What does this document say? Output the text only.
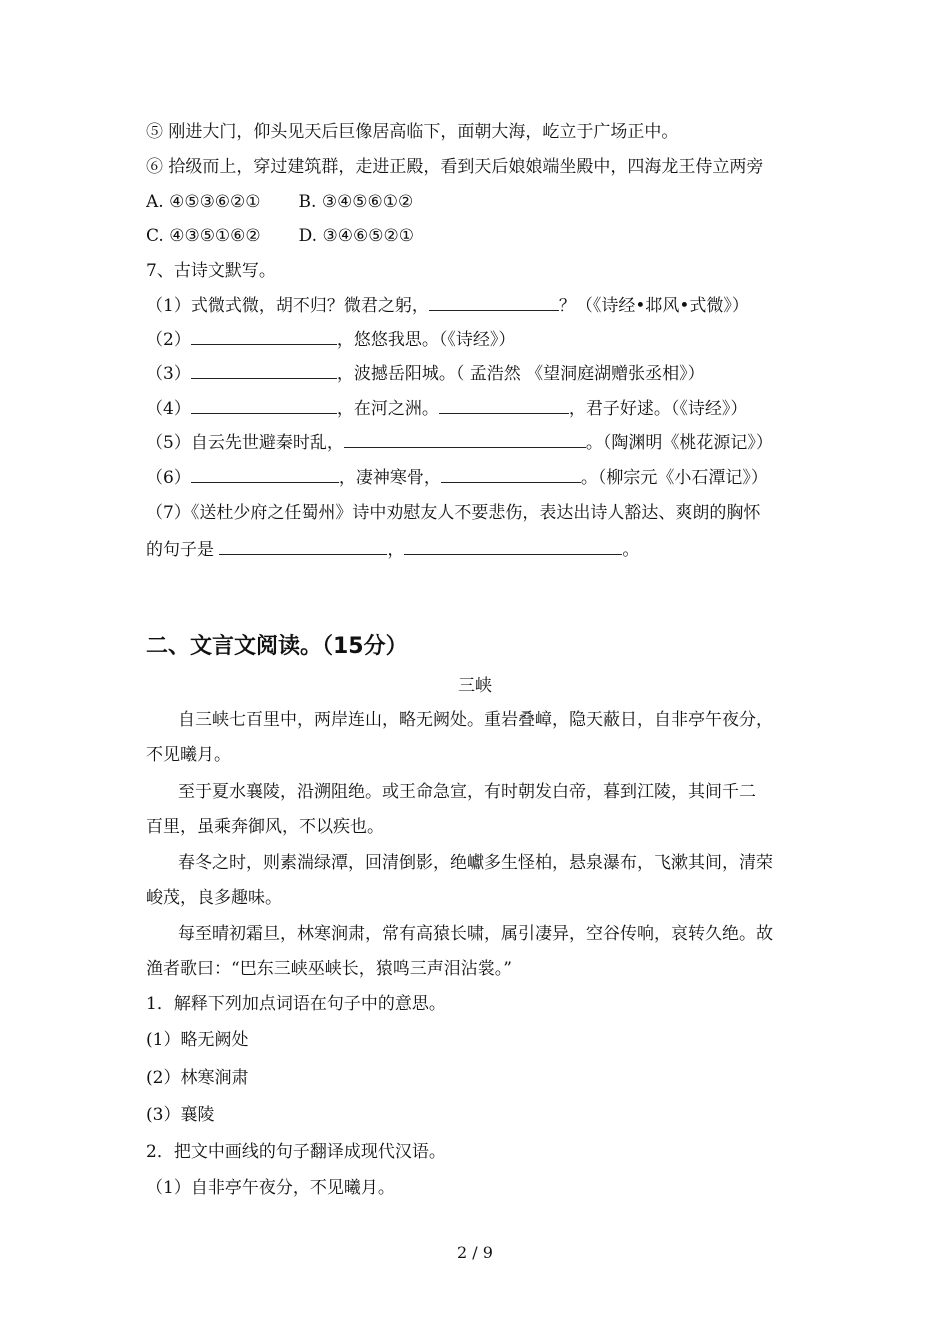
⑤ 刚进大门，仰头见天后巨像居高临下，面朝大海，屹立于广场正中。
⑥ 拾级而上，穿过建筑群，走进正殿，看到天后娘娘端坐殿中，四海龙王侍立两旁
A. ④⑤③⑥②① B. ③④⑤⑥①②
C. ④③⑤①⑥② D. ③④⑥⑤②①
7、古诗文默写。
（1）式微式微，胡不归？微君之躬，	？（《诗经•邶风•式微》）
（2）	，悠悠我思。（《诗经》）
（3）	，波撼岳阳城。（ 孟浩然 《望洞庭湖赠张丞相》）
（4）	，在河之洲。	，君子好逑。（《诗经》）
（5）自云先世避秦时乱，	。（陶渊明《桃花源记》）
（6）	，凄神寒骨，	。（柳宗元《小石潭记》）
（7）《送杜少府之任蜀州》诗中劝慰友人不要悲伤，表达出诗人豁达、爽朗的胸怀
的句子是	，	。
二、文言文阅读。（15分）
三峡
自三峡七百里中，两岸连山，略无阙处。重岩叠嶂，隐天蔽日，自非亭午夜分，
不见曦月。
至于夏水襄陵，沿溯阻绝。或王命急宣，有时朝发白帝，暮到江陵，其间千二
百里，虽乘奔御风，不以疾也。
春冬之时，则素湍绿潭，回清倒影，绝巘多生怪柏，悬泉瀑布，飞漱其间，清荣
峻茂，良多趣味。
每至晴初霜旦，林寒涧肃，常有高猿长啸，属引凄异，空谷传响，哀转久绝。故
渔者歌曰：“巴东三峡巫峡长，猿鸣三声泪沾裳。”
1．解释下列加点词语在句子中的意思。
(1）略无阙处
(2）林寒涧肃
(3）襄陵
2．把文中画线的句子翻译成现代汉语。
（1）自非亭午夜分，不见曦月。
2 / 9
